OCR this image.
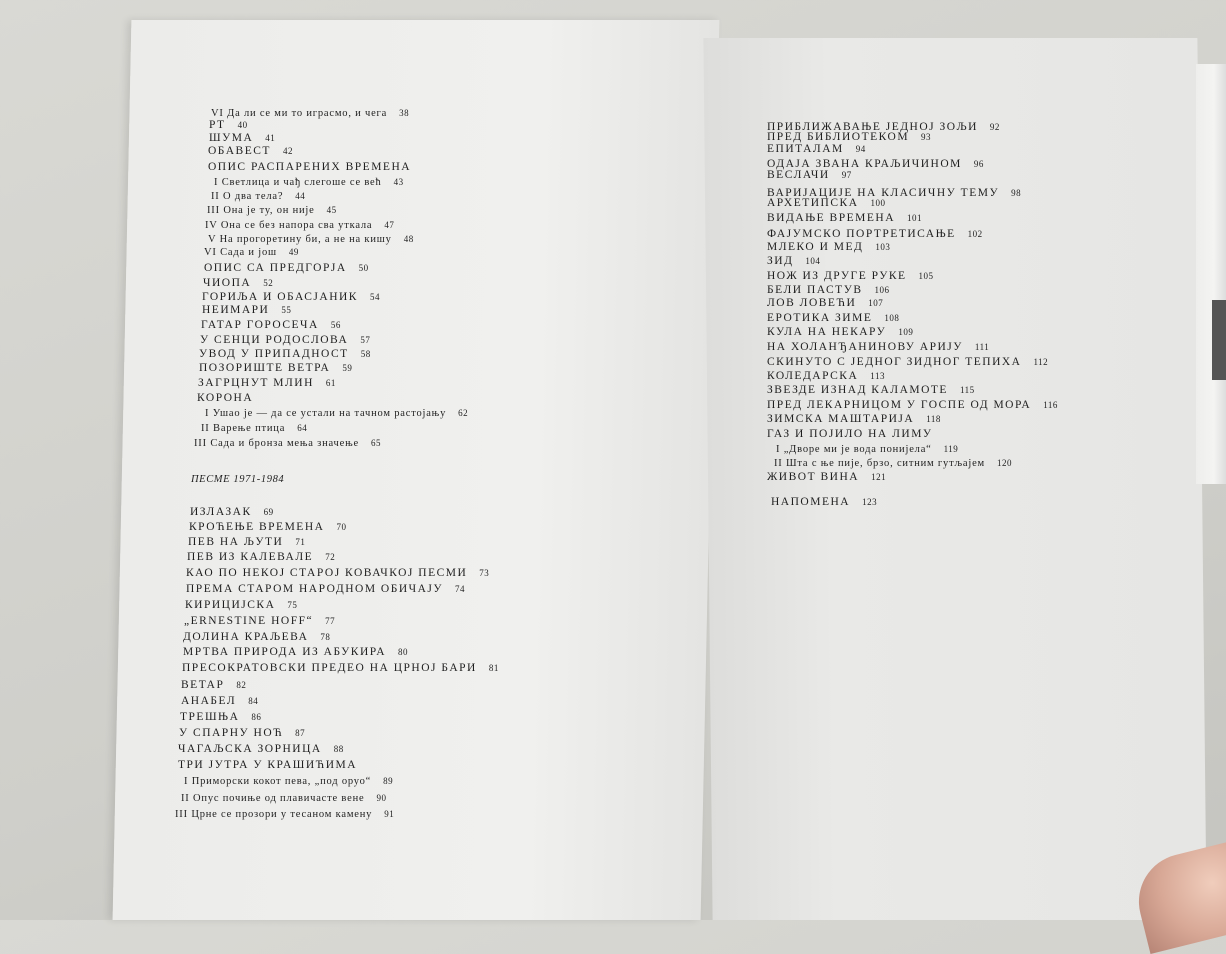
VI Да ли се ми то играсмо, и чега 38
РТ 40
ШУМА 41
ОБАВЕСТ 42
ОПИС РАСПАРЕНИХ ВРЕМЕНА
I Светлица и чађ слегоше се већ 43
II О два тела? 44
III Она је ту, он није 45
IV Она се без напора сва уткала 47
V На прогоретину би, а не на кишу 48
VI Сада и још 49
ОПИС СА ПРЕДГОРЈА 50
ЧИОПА 52
ГОРИЉА И ОБАСЈАНИК 54
НЕИМАРИ 55
ГАТАР ГОРОСЕЧА 56
У СЕНЦИ РОДОСЛОВА 57
УВОД У ПРИПАДНОСТ 58
ПОЗОРИШТЕ ВЕТРА 59
ЗАГРЦНУТ МЛИН 61
КОРОНА
I Ушао је — да се устали на тачном растојању 62
II Варење птица 64
III Сада и бронза мења значење 65
ПЕСМЕ 1971-1984
ИЗЛАЗАК 69
КРОЋЕЊЕ ВРЕМЕНА 70
ПЕВ НА ЉУТИ 71
ПЕВ ИЗ КАЛЕВАЛЕ 72
КАО ПО НЕКОЈ СТАРОЈ КОВАЧКОЈ ПЕСМИ 73
ПРЕМА СТАРОМ НАРОДНОМ ОБИЧАЈУ 74
КИРИЦИЈСКА 75
„ERNESTINE HOFF“ 77
ДОЛИНА КРАЉЕВА 78
МРТВА ПРИРОДА ИЗ АБУКИРА 80
ПРЕСОКРАТОВСКИ ПРЕДЕО НА ЦРНОЈ БАРИ 81
ВЕТАР 82
АНАБЕЛ 84
ТРЕШЊА 86
У СПАРНУ НОЋ 87
ЧАГАЉСКА ЗОРНИЦА 88
ТРИ ЈУТРА У КРАШИЋИМА
I Приморски кокот пева, „под оруо“ 89
II Опус почиње од плавичасте вене 90
III Црне се прозори у тесаном камену 91
ПРИБЛИЖАВАЊЕ ЈЕДНОЈ ЗОЉИ 92
ПРЕД БИБЛИОТЕКОМ 93
ЕПИТАЛАМ 94
ОДАЈА ЗВАНА КРАЉИЧИНОМ 96
ВЕСЛАЧИ 97
ВАРИЈАЦИЈЕ НА КЛАСИЧНУ ТЕМУ 98
АРХЕТИПСКА 100
ВИДАЊЕ ВРЕМЕНА 101
ФАЈУМСКО ПОРТРЕТИСАЊЕ 102
МЛЕКО И МЕД 103
ЗИД 104
НОЖ ИЗ ДРУГЕ РУКЕ 105
БЕЛИ ПАСТУВ 106
ЛОВ ЛОВЕЋИ 107
ЕРОТИКА ЗИМЕ 108
КУЛА НА НЕКАРУ 109
НА ХОЛАНЂАНИНОВУ АРИЈУ 111
СКИНУТО С ЈЕДНОГ ЗИДНОГ ТЕПИХА 112
КОЛЕДАРСКА 113
ЗВЕЗДЕ ИЗНАД КАЛАМОТЕ 115
ПРЕД ЛЕКАРНИЦОМ У ГОСПЕ ОД МОРА 116
ЗИМСКА МАШТАРИЈА 118
ГАЗ И ПОЈИЛО НА ЛИМУ
I „Дворе ми је вода понијела“ 119
II Шта с ње пије, брзо, ситним гутљајем 120
ЖИВОТ ВИНА 121
НАПОМЕНА 123
